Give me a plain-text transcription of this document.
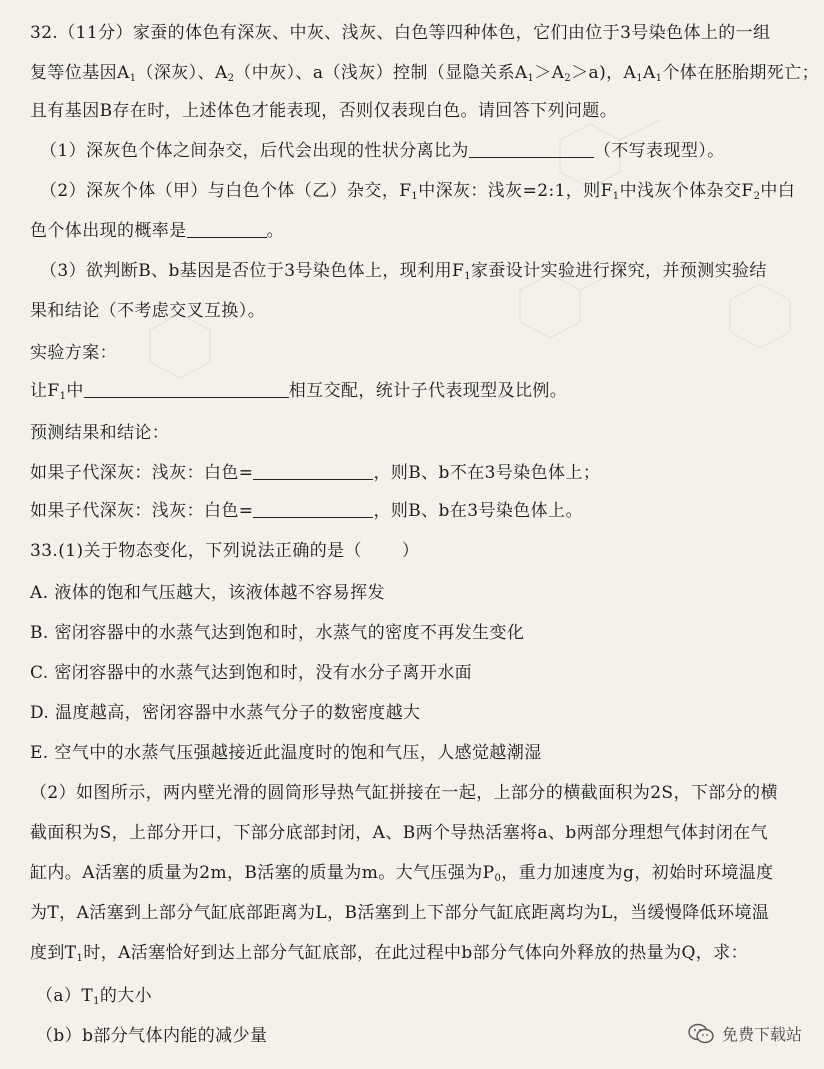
32.（11分）家蚕的体色有深灰、中灰、浅灰、白色等四种体色，它们由位于3号染色体上的一组
复等位基因$A_1$（深灰）、$A_2$（中灰）、a（浅灰）控制（显隐关系$A_1>A_2>a$)，$A_1A_1$个体在胚胎期死亡；
且有基因B存在时，上述体色才能表现，否则仅表现白色。请回答下列问题。
（1）深灰色个体之间杂交，后代会出现的性状分离比为	（不写表现型）。
（2）深灰个体（甲）与白色个体（乙）杂交，$F_1$中深灰：浅灰=2:1，则$F_1$中浅灰个体杂交$F_2$中白
色个体出现的概率是	。
（3）欲判断B、b基因是否位于3号染色体上，现利用$F_1$家蚕设计实验进行探究，并预测实验结
果和结论（不考虑交叉互换）。
实验方案：
让$F_1$中	相互交配，统计子代表现型及比例。
预测结果和结论：
如果子代深灰：浅灰：白色=	，则B、b不在3号染色体上；
如果子代深灰：浅灰：白色=	，则B、b在3号染色体上。
33.(1)关于物态变化，下列说法正确的是（ ）
A. 液体的饱和气压越大，该液体越不容易挥发
B. 密闭容器中的水蒸气达到饱和时，水蒸气的密度不再发生变化
C. 密闭容器中的水蒸气达到饱和时，没有水分子离开水面
D. 温度越高，密闭容器中水蒸气分子的数密度越大
E. 空气中的水蒸气压强越接近此温度时的饱和气压，人感觉越潮湿
（2）如图所示，两内壁光滑的圆筒形导热气缸拼接在一起，上部分的横截面积为2S，下部分的横
截面积为S，上部分开口，下部分底部封闭，A、B两个导热活塞将a、b两部分理想气体封闭在气
缸内。A活塞的质量为2m，B活塞的质量为m。大气压强为$P_0$，重力加速度为g，初始时环境温度
为T，A活塞到上部分气缸底部距离为L，B活塞到上下部分气缸底距离均为L，当缓慢降低环境温
度到$T_1$时，A活塞恰好到达上部分气缸底部，在此过程中b部分气体向外释放的热量为Q，求：
$(a)T_1$的大小
（b）b部分气体内能的减少量	免费下载站
